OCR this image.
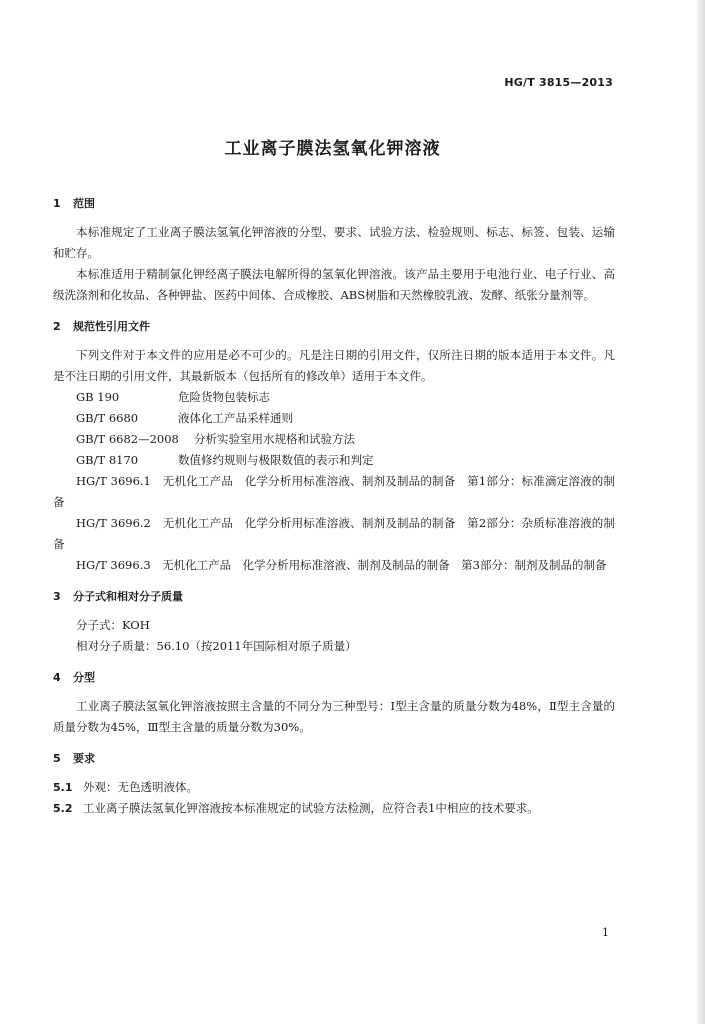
HG/T 3815—2013
工业离子膜法氢氧化钾溶液
1 范围
本标准规定了工业离子膜法氢氧化钾溶液的分型、要求、试验方法、检验规则、标志、标签、包装、运输和贮存。
本标准适用于精制氯化钾经离子膜法电解所得的氢氧化钾溶液。该产品主要用于电池行业、电子行业、高级洗涤剂和化妆品、各种钾盐、医药中间体、合成橡胶、ABS树脂和天然橡胶乳液、发酵、纸张分量剂等。
2 规范性引用文件
下列文件对于本文件的应用是必不可少的。凡是注日期的引用文件，仅所注日期的版本适用于本文件。凡是不注日期的引用文件，其最新版本（包括所有的修改单）适用于本文件。
GB 190	危险货物包装标志
GB/T 6680	液体化工产品采样通则
GB/T 6682—2008	分析实验室用水规格和试验方法
GB/T 8170	数值修约规则与极限数值的表示和判定
HG/T 3696.1　无机化工产品　化学分析用标准溶液、制剂及制品的制备　第1部分：标准滴定溶液的制备
HG/T 3696.2　无机化工产品　化学分析用标准溶液、制剂及制品的制备　第2部分：杂质标准溶液的制备
HG/T 3696.3　无机化工产品　化学分析用标准溶液、制剂及制品的制备　第3部分：制剂及制品的制备
3 分子式和相对分子质量
分子式：KOH
相对分子质量：56.10（按2011年国际相对原子质量）
4 分型
工业离子膜法氢氧化钾溶液按照主含量的不同分为三种型号：Ⅰ型主含量的质量分数为48%，Ⅱ型主含量的质量分数为45%，Ⅲ型主含量的质量分数为30%。
5 要求
5.1 外观：无色透明液体。
5.2 工业离子膜法氢氧化钾溶液按本标准规定的试验方法检测，应符合表1中相应的技术要求。
1
